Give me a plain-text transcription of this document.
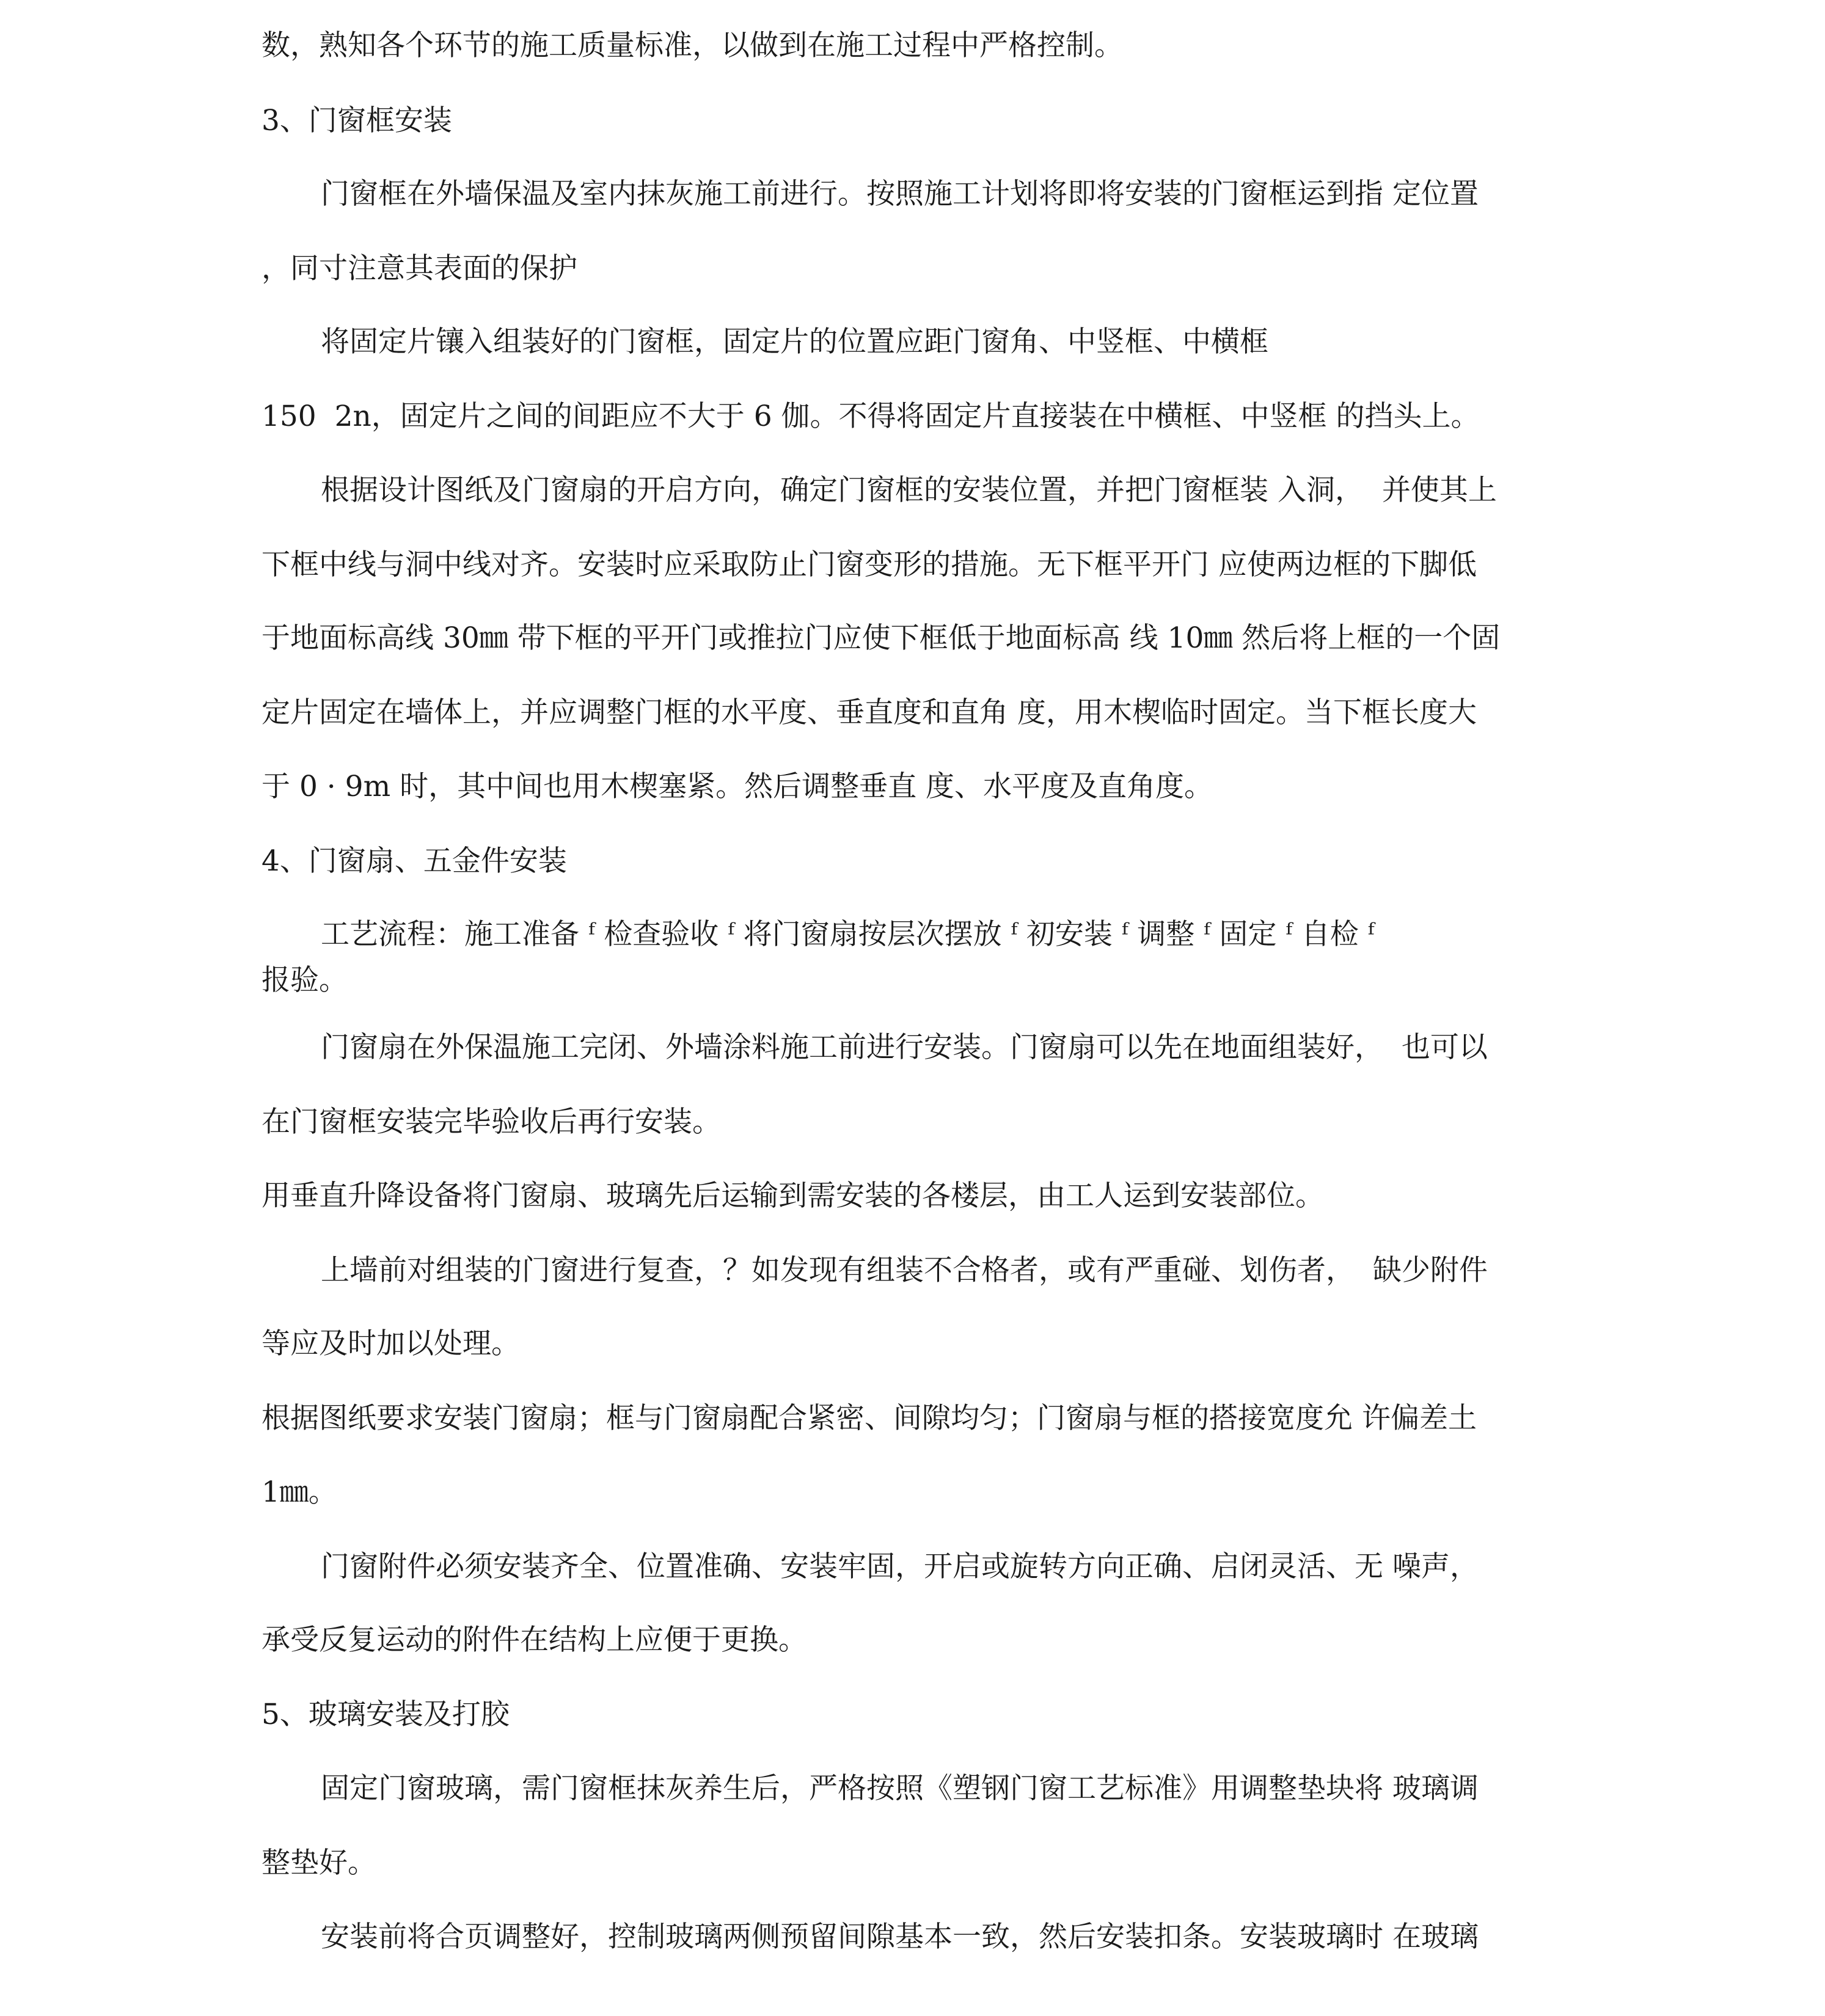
数，熟知各个环节的施工质量标准，以做到在施工过程中严格控制。

3、门窗框安装

门窗框在外墙保温及室内抹灰施工前进行。按照施工计划将即将安装的门窗框运到指 定位置

，同寸注意其表面的保护

将固定片镶入组装好的门窗框，固定片的位置应距门窗角、中竖框、中横框

150  2n，固定片之间的间距应不大于 6 伽。不得将固定片直接装在中横框、中竖框 的挡头上。

根据设计图纸及门窗扇的开启方向，确定门窗框的安装位置，并把门窗框装 入洞，  并使其上

下框中线与洞中线对齐。安装时应采取防止门窗变形的措施。无下框平开门 应使两边框的下脚低

于地面标高线 30㎜ 带下框的平开门或推拉门应使下框低于地面标高 线 10㎜ 然后将上框的一个固

定片固定在墙体上，并应调整门框的水平度、垂直度和直角 度，用木楔临时固定。当下框长度大

于 0 · 9m 时，其中间也用木楔塞紧。然后调整垂直 度、水平度及直角度。

4、门窗扇、五金件安装

工艺流程：施工准备 ᶠ 检查验收 ᶠ 将门窗扇按层次摆放 ᶠ 初安装 ᶠ 调整 ᶠ 固定 ᶠ 自检 ᶠ

报验。

门窗扇在外保温施工完闭、外墙涂料施工前进行安装。门窗扇可以先在地面组装好，  也可以

在门窗框安装完毕验收后再行安装。

用垂直升降设备将门窗扇、玻璃先后运输到需安装的各楼层，由工人运到安装部位。

上墙前对组装的门窗进行复查，？如发现有组装不合格者，或有严重碰、划伤者，  缺少附件

等应及时加以处理。

根据图纸要求安装门窗扇；框与门窗扇配合紧密、间隙均匀；门窗扇与框的搭接宽度允 许偏差土

1㎜。

门窗附件必须安装齐全、位置准确、安装牢固，开启或旋转方向正确、启闭灵活、无 噪声，

承受反复运动的附件在结构上应便于更换。

5、玻璃安装及打胶

固定门窗玻璃，需门窗框抹灰养生后，严格按照《塑钢门窗工艺标准》用调整垫块将 玻璃调

整垫好。

安装前将合页调整好，控制玻璃两侧预留间隙基本一致，然后安装扣条。安装玻璃时 在玻璃
